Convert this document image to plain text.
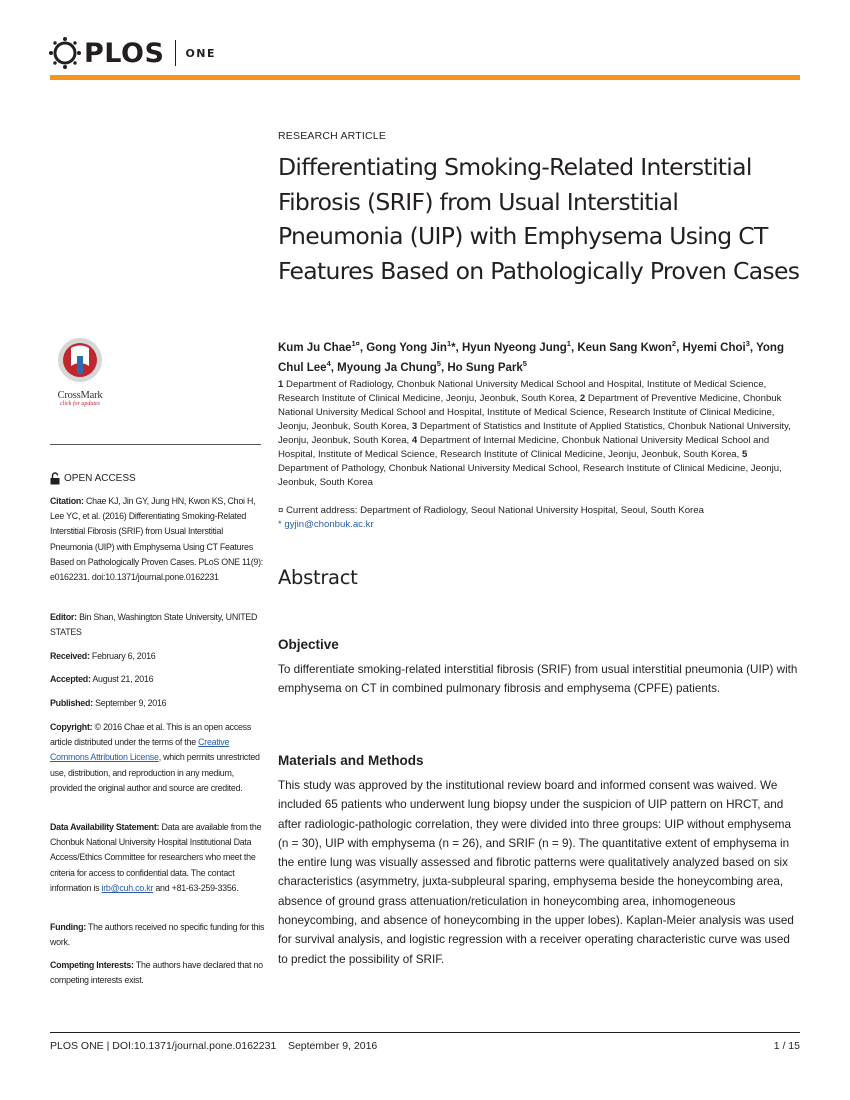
PLOS ONE
RESEARCH ARTICLE
Differentiating Smoking-Related Interstitial Fibrosis (SRIF) from Usual Interstitial Pneumonia (UIP) with Emphysema Using CT Features Based on Pathologically Proven Cases
Kum Ju Chae$^{1¤}$, Gong Yong Jin$^1$*, Hyun Nyeong Jung$^1$, Keun Sang Kwon$^2$, Hyemi Choi$^3$, Yong Chul Lee$^4$, Myoung Ja Chung$^5$, Ho Sung Park$^5$
1 Department of Radiology, Chonbuk National University Medical School and Hospital, Institute of Medical Science, Research Institute of Clinical Medicine, Jeonju, Jeonbuk, South Korea, 2 Department of Preventive Medicine, Chonbuk National University Medical School and Hospital, Institute of Medical Science, Research Institute of Clinical Medicine, Jeonju, Jeonbuk, South Korea, 3 Department of Statistics and Institute of Applied Statistics, Chonbuk National University, Jeonju, Jeonbuk, South Korea, 4 Department of Internal Medicine, Chonbuk National University Medical School and Hospital, Institute of Medical Science, Research Institute of Clinical Medicine, Jeonju, Jeonbuk, South Korea, 5 Department of Pathology, Chonbuk National University Medical School, Research Institute of Clinical Medicine, Jeonju, Jeonbuk, South Korea
¤ Current address: Department of Radiology, Seoul National University Hospital, Seoul, South Korea
* gyjin@chonbuk.ac.kr
Abstract
Objective
To differentiate smoking-related interstitial fibrosis (SRIF) from usual interstitial pneumonia (UIP) with emphysema on CT in combined pulmonary fibrosis and emphysema (CPFE) patients.
Materials and Methods
This study was approved by the institutional review board and informed consent was waived. We included 65 patients who underwent lung biopsy under the suspicion of UIP pattern on HRCT, and after radiologic-pathologic correlation, they were divided into three groups: UIP without emphysema (n = 30), UIP with emphysema (n = 26), and SRIF (n = 9). The quantitative extent of emphysema in the entire lung was visually assessed and fibrotic patterns were qualitatively analyzed based on six characteristics (asymmetry, juxta-subpleural sparing, emphysema beside the honeycombing area, absence of ground grass attenuation/reticulation in honeycombing area, inhomogeneous honeycombing, and absence of honeycombing in the upper lobes). Kaplan-Meier analysis was used for survival analysis, and logistic regression with a receiver operating characteristic curve was used to predict the possibility of SRIF.
CrossMark
click for updates
OPEN ACCESS
Citation: Chae KJ, Jin GY, Jung HN, Kwon KS, Choi H, Lee YC, et al. (2016) Differentiating Smoking-Related Interstitial Fibrosis (SRIF) from Usual Interstitial Pneumonia (UIP) with Emphysema Using CT Features Based on Pathologically Proven Cases. PLoS ONE 11(9): e0162231. doi:10.1371/journal.pone.0162231
Editor: Bin Shan, Washington State University, UNITED STATES
Received: February 6, 2016
Accepted: August 21, 2016
Published: September 9, 2016
Copyright: © 2016 Chae et al. This is an open access article distributed under the terms of the Creative Commons Attribution License, which permits unrestricted use, distribution, and reproduction in any medium, provided the original author and source are credited.
Data Availability Statement: Data are available from the Chonbuk National University Hospital Institutional Data Access/Ethics Committee for researchers who meet the criteria for access to confidential data. The contact information is irb@cuh.co.kr and +81-63-259-3356.
Funding: The authors received no specific funding for this work.
Competing Interests: The authors have declared that no competing interests exist.
PLOS ONE | DOI:10.1371/journal.pone.0162231    September 9, 2016	1 / 15
